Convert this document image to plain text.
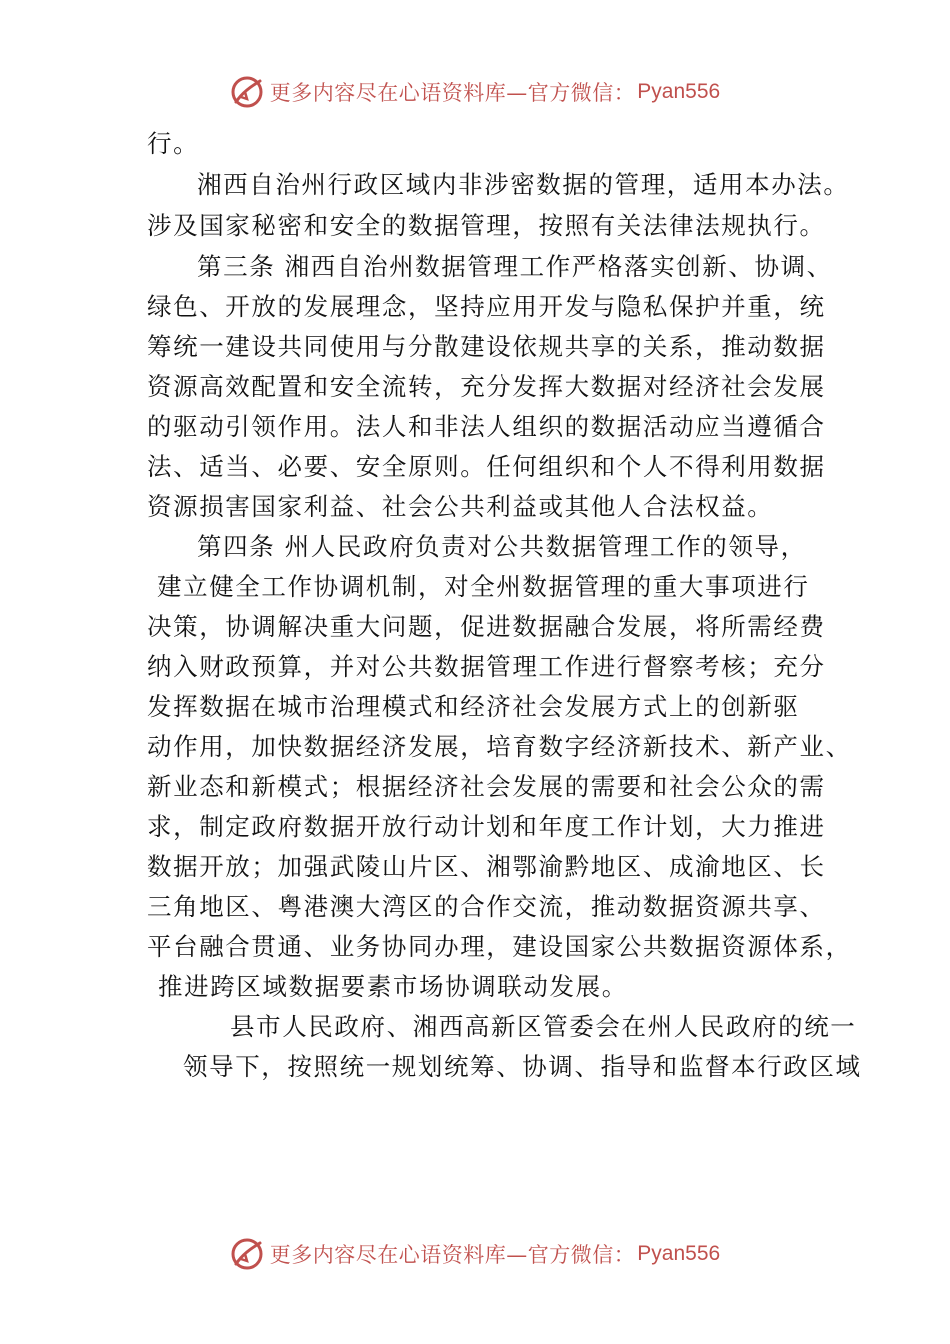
更多内容尽在心语资料库—官方微信： Pyan556
行。
湘西自治州行政区域内非涉密数据的管理，适用本办法。
涉及国家秘密和安全的数据管理，按照有关法律法规执行。
第三条 湘西自治州数据管理工作严格落实创新、协调、
绿色、开放的发展理念，坚持应用开发与隐私保护并重，统
筹统一建设共同使用与分散建设依规共享的关系，推动数据
资源高效配置和安全流转，充分发挥大数据对经济社会发展
的驱动引领作用。法人和非法人组织的数据活动应当遵循合
法、适当、必要、安全原则。任何组织和个人不得利用数据
资源损害国家利益、社会公共利益或其他人合法权益。
第四条 州人民政府负责对公共数据管理工作的领导，
建立健全工作协调机制，对全州数据管理的重大事项进行
决策，协调解决重大问题，促进数据融合发展，将所需经费
纳入财政预算，并对公共数据管理工作进行督察考核；充分
发挥数据在城市治理模式和经济社会发展方式上的创新驱
动作用，加快数据经济发展，培育数字经济新技术、新产业、
新业态和新模式；根据经济社会发展的需要和社会公众的需
求，制定政府数据开放行动计划和年度工作计划，大力推进
数据开放；加强武陵山片区、湘鄂渝黔地区、成渝地区、长
三角地区、粤港澳大湾区的合作交流，推动数据资源共享、
平台融合贯通、业务协同办理，建设国家公共数据资源体系，
推进跨区域数据要素市场协调联动发展。
县市人民政府、湘西高新区管委会在州人民政府的统一
领导下，按照统一规划统筹、协调、指导和监督本行政区域
更多内容尽在心语资料库—官方微信： Pyan556
